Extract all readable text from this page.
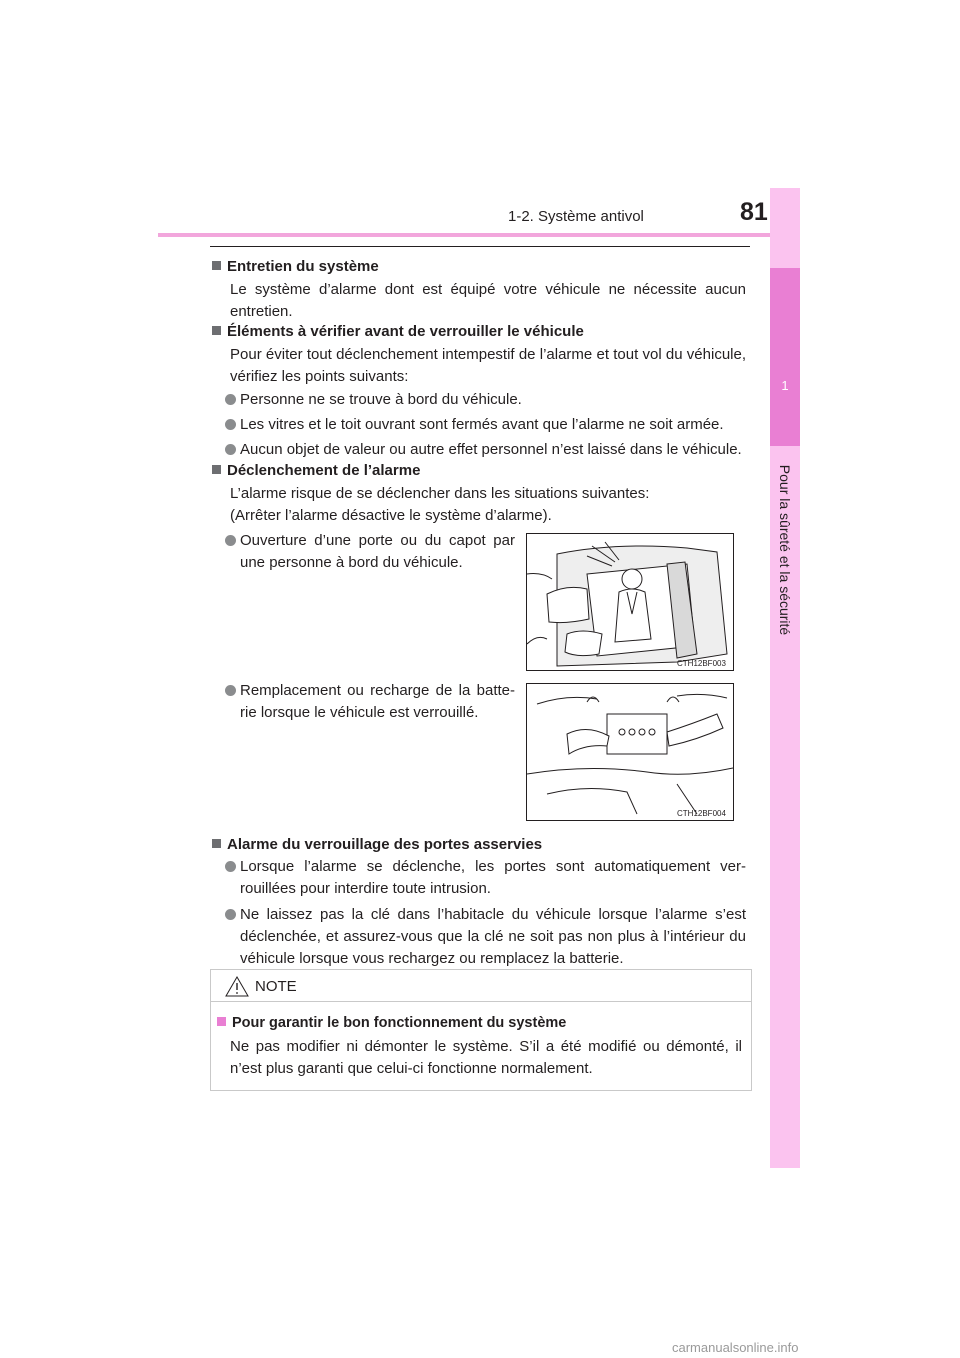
1-2. Système antivol	81
1
Pour la sûreté et la sécurité
Entretien du système
Le système d’alarme dont est équipé votre véhicule ne nécessite aucun entretien.
Éléments à vérifier avant de verrouiller le véhicule
Pour éviter tout déclenchement intempestif de l’alarme et tout vol du véhicule, vérifiez les points suivants:
Personne ne se trouve à bord du véhicule.
Les vitres et le toit ouvrant sont fermés avant que l’alarme ne soit armée.
Aucun objet de valeur ou autre effet personnel n’est laissé dans le véhicule.
Déclenchement de l’alarme
L’alarme risque de se déclencher dans les situations suivantes:
(Arrêter l’alarme désactive le système d’alarme).
Ouverture d’une porte ou du capot par une personne à bord du véhicule.
Remplacement ou recharge de la batte-rie lorsque le véhicule est verrouillé.
CTH12BF003
CTH12BF004
Alarme du verrouillage des portes asservies
Lorsque l’alarme se déclenche, les portes sont automatiquement ver-rouillées pour interdire toute intrusion.
Ne laissez pas la clé dans l’habitacle du véhicule lorsque l’alarme s’est déclenchée, et assurez-vous que la clé ne soit pas non plus à l’intérieur du véhicule lorsque vous rechargez ou remplacez la batterie.
NOTE
Pour garantir le bon fonctionnement du système
Ne pas modifier ni démonter le système. S’il a été modifié ou démonté, il n’est plus garanti que celui-ci fonctionne normalement.
carmanualsonline.info
